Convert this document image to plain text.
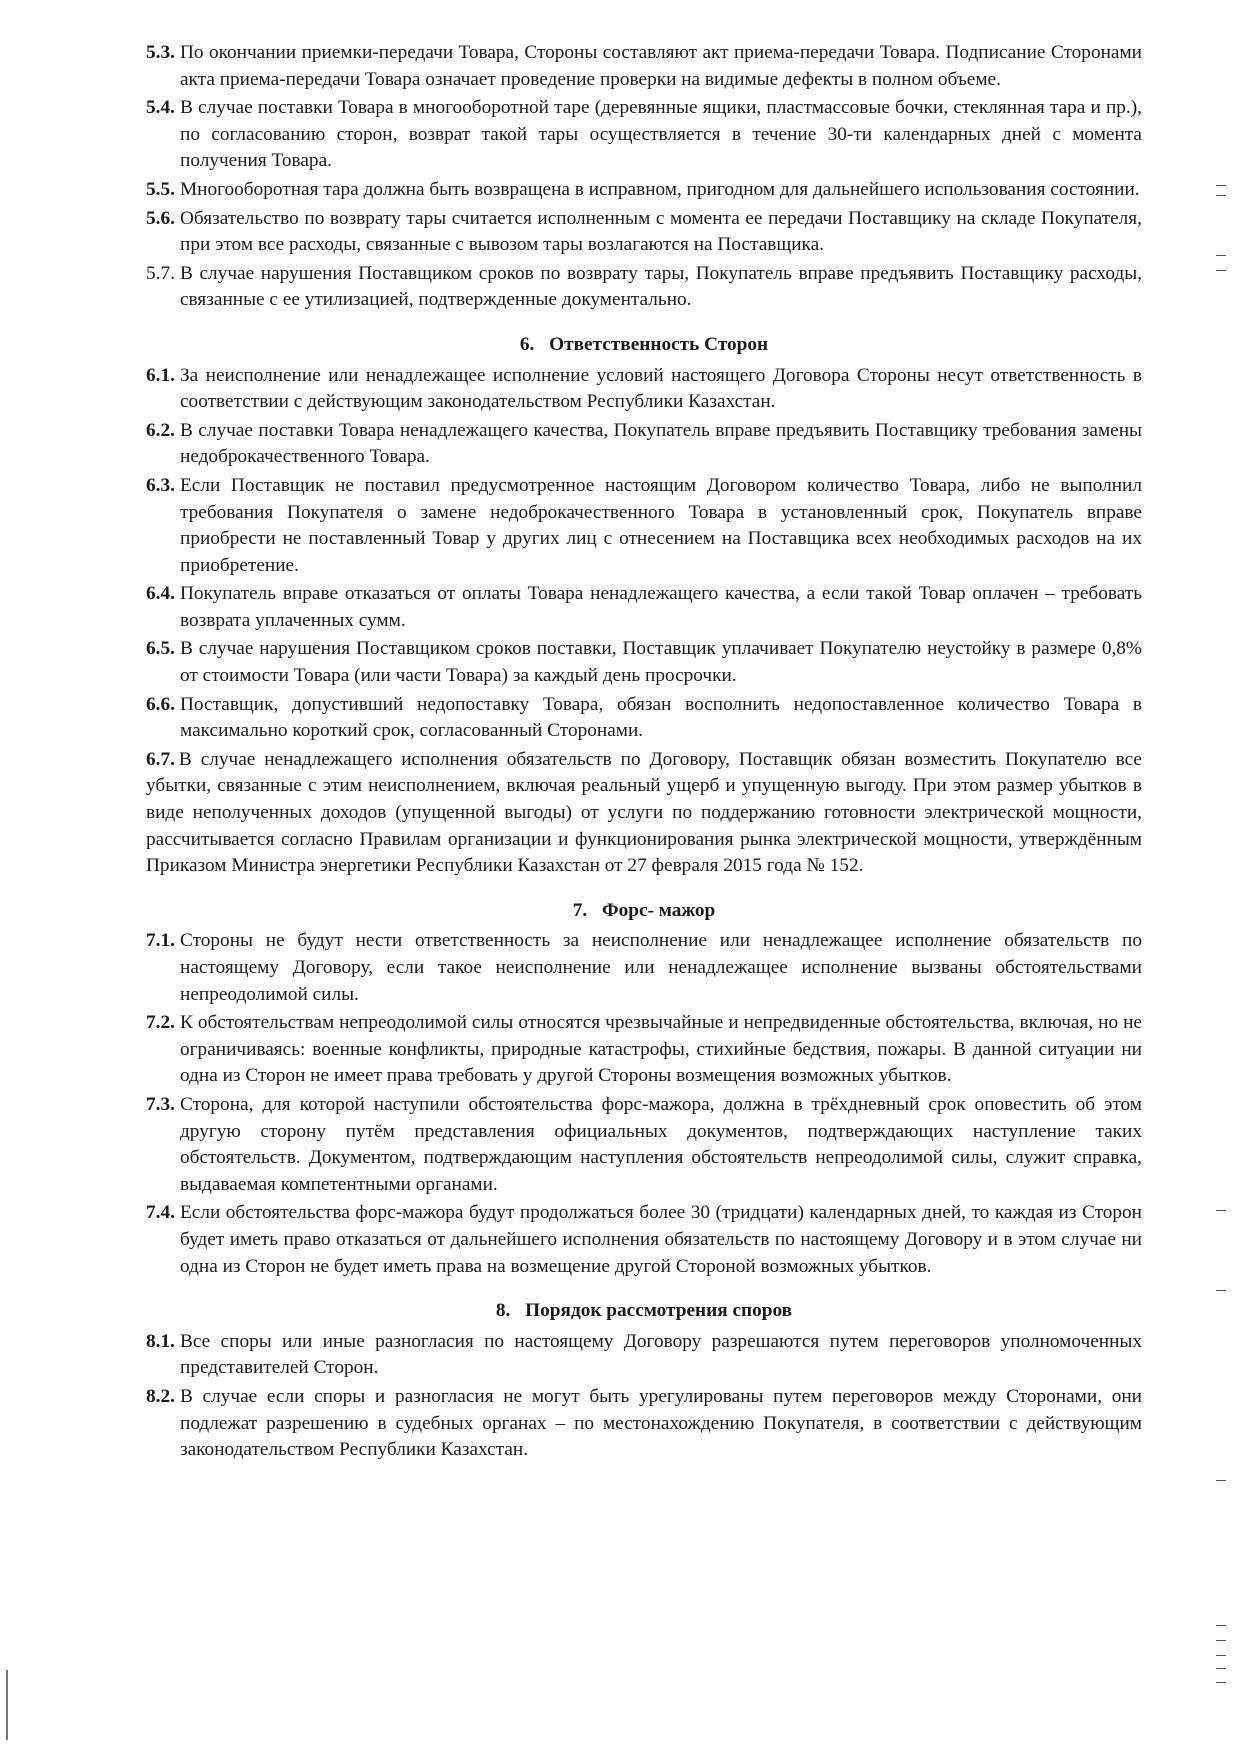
5.3. По окончании приемки-передачи Товара, Стороны составляют акт приема-передачи Товара. Подписание Сторонами акта приема-передачи Товара означает проведение проверки на видимые дефекты в полном объеме.
5.4. В случае поставки Товара в многооборотной таре (деревянные ящики, пластмассовые бочки, стеклянная тара и пр.), по согласованию сторон, возврат такой тары осуществляется в течение 30-ти календарных дней с момента получения Товара.
5.5. Многооборотная тара должна быть возвращена в исправном, пригодном для дальнейшего использования состоянии.
5.6. Обязательство по возврату тары считается исполненным с момента ее передачи Поставщику на складе Покупателя, при этом все расходы, связанные с вывозом тары возлагаются на Поставщика.
5.7. В случае нарушения Поставщиком сроков по возврату тары, Покупатель вправе предъявить Поставщику расходы, связанные с ее утилизацией, подтвержденные документально.
6. Ответственность Сторон
6.1. За неисполнение или ненадлежащее исполнение условий настоящего Договора Стороны несут ответственность в соответствии с действующим законодательством Республики Казахстан.
6.2. В случае поставки Товара ненадлежащего качества, Покупатель вправе предъявить Поставщику требования замены недоброкачественного Товара.
6.3. Если Поставщик не поставил предусмотренное настоящим Договором количество Товара, либо не выполнил требования Покупателя о замене недоброкачественного Товара в установленный срок, Покупатель вправе приобрести не поставленный Товар у других лиц с отнесением на Поставщика всех необходимых расходов на их приобретение.
6.4. Покупатель вправе отказаться от оплаты Товара ненадлежащего качества, а если такой Товар оплачен – требовать возврата уплаченных сумм.
6.5. В случае нарушения Поставщиком сроков поставки, Поставщик уплачивает Покупателю неустойку в размере 0,8% от стоимости Товара (или части Товара) за каждый день просрочки.
6.6. Поставщик, допустивший недопоставку Товара, обязан восполнить недопоставленное количество Товара в максимально короткий срок, согласованный Сторонами.
6.7. В случае ненадлежащего исполнения обязательств по Договору, Поставщик обязан возместить Покупателю все убытки, связанные с этим неисполнением, включая реальный ущерб и упущенную выгоду. При этом размер убытков в виде неполученных доходов (упущенной выгоды) от услуги по поддержанию готовности электрической мощности, рассчитывается согласно Правилам организации и функционирования рынка электрической мощности, утверждённым Приказом Министра энергетики Республики Казахстан от 27 февраля 2015 года № 152.
7. Форс- мажор
7.1. Стороны не будут нести ответственность за неисполнение или ненадлежащее исполнение обязательств по настоящему Договору, если такое неисполнение или ненадлежащее исполнение вызваны обстоятельствами непреодолимой силы.
7.2. К обстоятельствам непреодолимой силы относятся чрезвычайные и непредвиденные обстоятельства, включая, но не ограничиваясь: военные конфликты, природные катастрофы, стихийные бедствия, пожары. В данной ситуации ни одна из Сторон не имеет права требовать у другой Стороны возмещения возможных убытков.
7.3. Сторона, для которой наступили обстоятельства форс-мажора, должна в трёхдневный срок оповестить об этом другую сторону путём представления официальных документов, подтверждающих наступление таких обстоятельств. Документом, подтверждающим наступления обстоятельств непреодолимой силы, служит справка, выдаваемая компетентными органами.
7.4. Если обстоятельства форс-мажора будут продолжаться более 30 (тридцати) календарных дней, то каждая из Сторон будет иметь право отказаться от дальнейшего исполнения обязательств по настоящему Договору и в этом случае ни одна из Сторон не будет иметь права на возмещение другой Стороной возможных убытков.
8. Порядок рассмотрения споров
8.1. Все споры или иные разногласия по настоящему Договору разрешаются путем переговоров уполномоченных представителей Сторон.
8.2. В случае если споры и разногласия не могут быть урегулированы путем переговоров между Сторонами, они подлежат разрешению в судебных органах – по местонахождению Покупателя, в соответствии с действующим законодательством Республики Казахстан.
